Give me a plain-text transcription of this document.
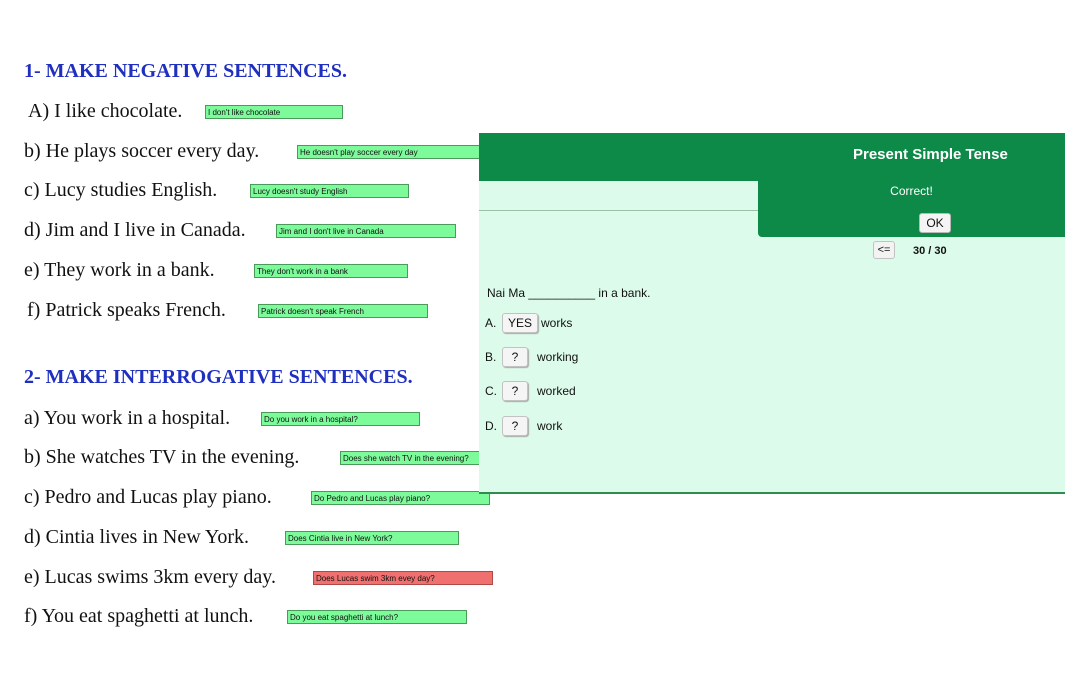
1- MAKE NEGATIVE SENTENCES.
A) I like chocolate.	I don't like chocolate
b) He plays soccer every day.	He doesn't play soccer every day
c) Lucy studies English.	Lucy doesn't study English
d) Jim and I live in Canada.	Jim and I don't live in Canada
e) They work in a bank.	They don't work in a bank
f) Patrick speaks French.	Patrick doesn't speak French
2- MAKE INTERROGATIVE SENTENCES.
a) You work in a hospital.	Do you work in a hospital?
b) She watches TV in the evening.	Does she watch TV in the evening?
c) Pedro and Lucas play piano.	Do Pedro and Lucas play piano?
d) Cintia lives in New York.	Does Cintia live in New York?
e) Lucas swims 3km every day.	Does Lucas swim 3km evey day?
f) You eat spaghetti at lunch.	Do you eat spaghetti at lunch?
Present Simple Tense
Correct!
OK
<=	30 / 30
Nai Ma __________ in a bank.
A. YES works
B.	?	working
C.	?	worked
D.	?	work
